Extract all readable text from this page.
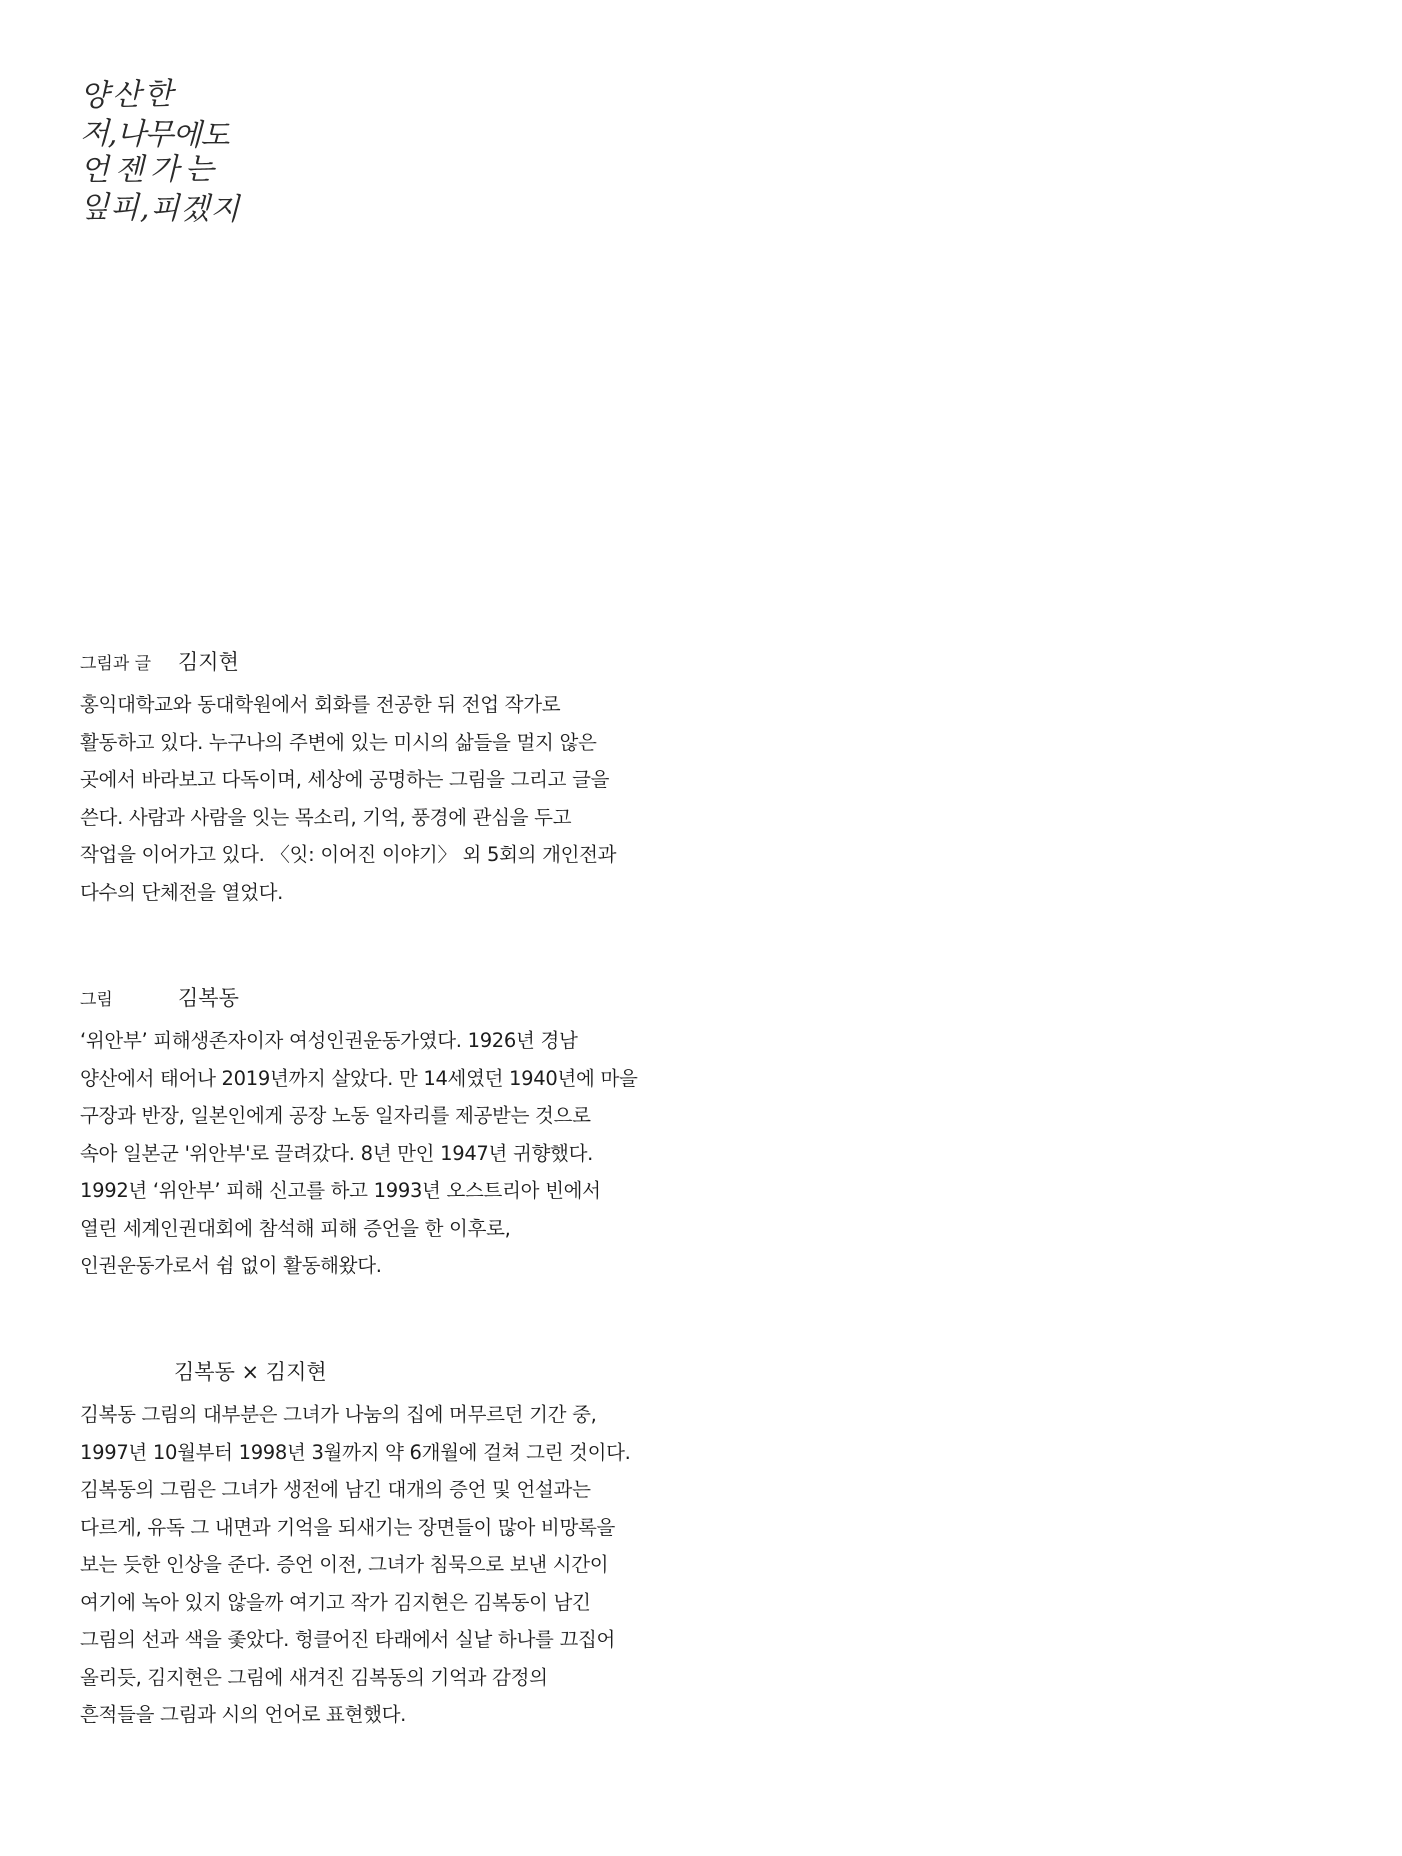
양산한
저,나무에도
언젠가는
잎피,피겠지
그림과 글	김지현
홍익대학교와 동대학원에서 회화를 전공한 뒤 전업 작가로
활동하고 있다. 누구나의 주변에 있는 미시의 삶들을 멀지 않은
곳에서 바라보고 다독이며, 세상에 공명하는 그림을 그리고 글을
쓴다. 사람과 사람을 잇는 목소리, 기억, 풍경에 관심을 두고
작업을 이어가고 있다. 〈잇: 이어진 이야기〉 외 5회의 개인전과
다수의 단체전을 열었다.
그림	김복동
‘위안부’ 피해생존자이자 여성인권운동가였다. 1926년 경남
양산에서 태어나 2019년까지 살았다. 만 14세였던 1940년에 마을
구장과 반장, 일본인에게 공장 노동 일자리를 제공받는 것으로
속아 일본군 '위안부'로 끌려갔다. 8년 만인 1947년 귀향했다.
1992년 ‘위안부’ 피해 신고를 하고 1993년 오스트리아 빈에서
열린 세계인권대회에 참석해 피해 증언을 한 이후로,
인권운동가로서 쉼 없이 활동해왔다.
김복동 × 김지현
김복동 그림의 대부분은 그녀가 나눔의 집에 머무르던 기간 중,
1997년 10월부터 1998년 3월까지 약 6개월에 걸쳐 그린 것이다.
김복동의 그림은 그녀가 생전에 남긴 대개의 증언 및 언설과는
다르게, 유독 그 내면과 기억을 되새기는 장면들이 많아 비망록을
보는 듯한 인상을 준다. 증언 이전, 그녀가 침묵으로 보낸 시간이
여기에 녹아 있지 않을까 여기고 작가 김지현은 김복동이 남긴
그림의 선과 색을 좇았다. 헝클어진 타래에서 실낱 하나를 끄집어
올리듯, 김지현은 그림에 새겨진 김복동의 기억과 감정의
흔적들을 그림과 시의 언어로 표현했다.
